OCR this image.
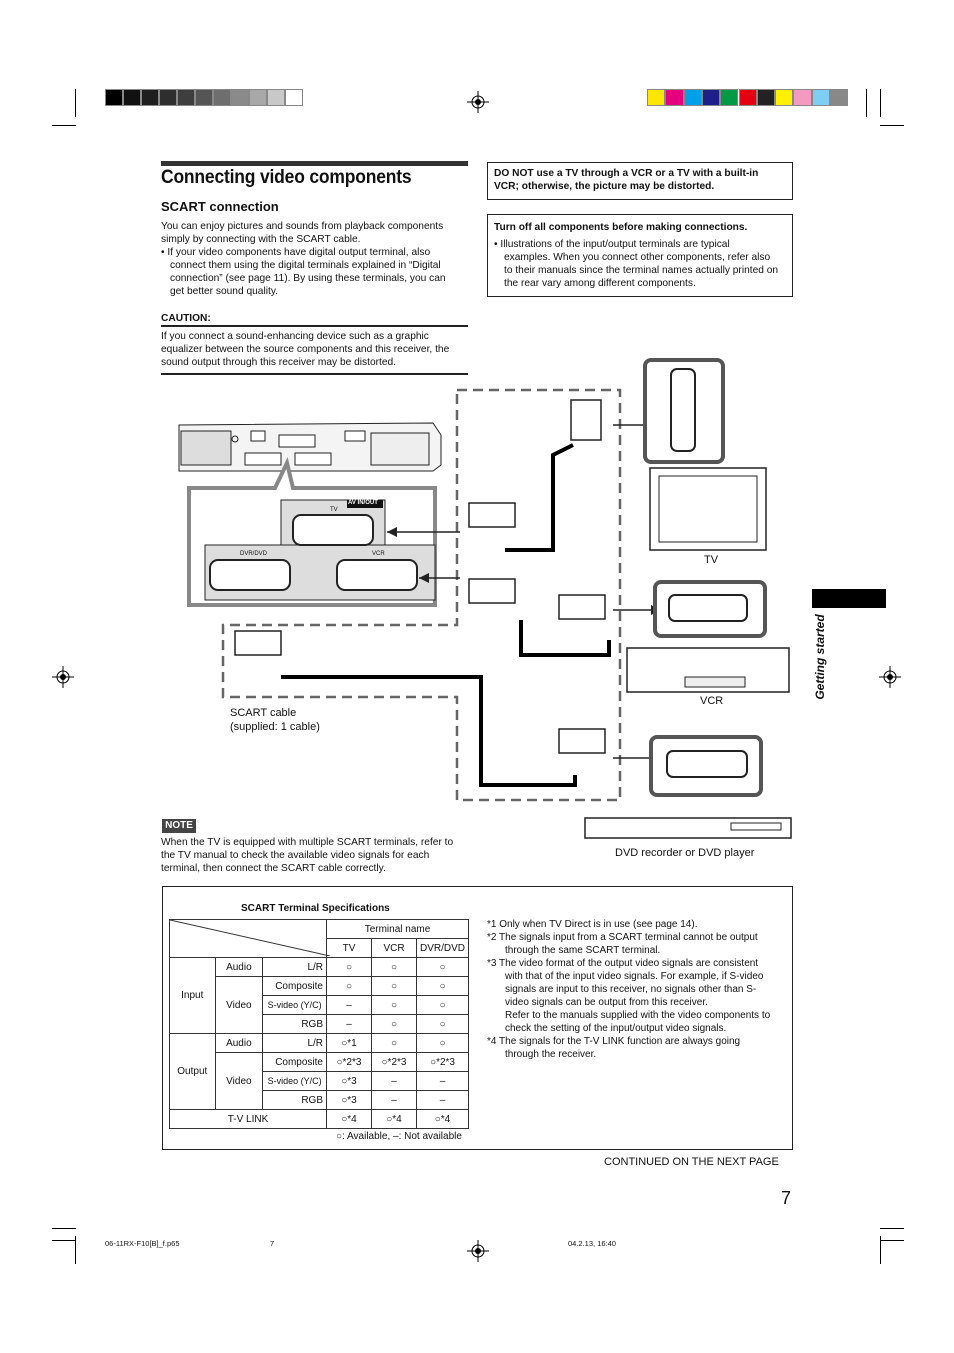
Connecting video components
SCART connection
You can enjoy pictures and sounds from playback components
simply by connecting with the SCART cable.
• If your video components have digital output terminal, also
connect them using the digital terminals explained in “Digital
connection” (see page 11). By using these terminals, you can
get better sound quality.
CAUTION:
If you connect a sound-enhancing device such as a graphic
equalizer between the source components and this receiver, the
sound output through this receiver may be distorted.
DO NOT use a TV through a VCR or a TV with a built-in
VCR; otherwise, the picture may be distorted.
Turn off all components before making connections.
• Illustrations of the input/output terminals are typical
examples. When you connect other components, refer also
to their manuals since the terminal names actually printed on
the rear vary among different components.
AV IN/OUT
TV
DVR/DVD	VCR	TV
VCR
DVD recorder or DVD player
SCART cable
(supplied: 1 cable)
Getting started
NOTE
When the TV is equipped with multiple SCART terminals, refer to
the TV manual to check the available video signals for each
terminal, then connect the SCART cable correctly.
SCART Terminal Specifications
	Terminal name		
			TV	VCR	DVR/DVD
Input	Audio	L/R	○	○	○
	Video	Composite	○	○	○
		S-video (Y/C)	–	○	○
		RGB	–	○	○
Output	Audio	L/R	○*1	○	○
	Video	Composite	○*2*3	○*2*3	○*2*3
		S-video (Y/C)	○*3	–	–
		RGB	○*3	–	–
T-V LINK			○*4	○*4	○*4
○: Available, –: Not available
*1 Only when TV Direct is in use (see page 14).
*2 The signals input from a SCART terminal cannot be output
through the same SCART terminal.
*3 The video format of the output video signals are consistent
with that of the input video signals. For example, if S-video
signals are input to this receiver, no signals other than S-
video signals can be output from this receiver.
Refer to the manuals supplied with the video components to
check the setting of the input/output video signals.
*4 The signals for the T-V LINK function are always going
through the receiver.
CONTINUED ON THE NEXT PAGE
7
06-11RX-F10[B]_f.p65	7	04.2.13, 16:40
